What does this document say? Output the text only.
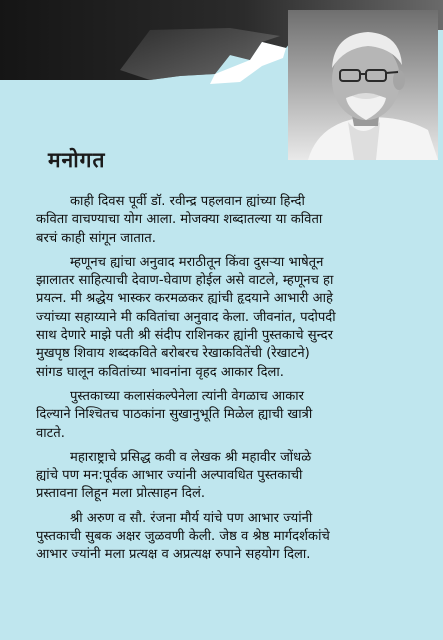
मनोगत

काही दिवस पूर्वी डॉ. रवीन्द्र पहलवान ह्यांच्या हिन्दी
कविता वाचण्याचा योग आला. मोजक्या शब्दातल्या या कविता
बरचं काही सांगून जातात.

म्हणूनच ह्यांचा अनुवाद मराठीतून किंवा दुसऱ्या भाषेतून
झालातर साहित्याची देवाण-घेवाण होईल असे वाटले, म्हणूनच हा
प्रयत्न. मी श्रद्धेय भास्कर करमळकर ह्यांची हृदयाने आभारी आहे
ज्यांच्या सहाय्याने मी कवितांचा अनुवाद केला. जीवनांत, पदोपदी
साथ देणारे माझे पती श्री संदीप राशिनकर ह्यांनी पुस्तकाचे सुन्दर
मुखपृष्ठ शिवाय शब्दकविते बरोबरच रेखाकवितेंची (रेखाटने)
सांगड घालून कवितांच्या भावनांना वृहद आकार दिला.

पुस्तकाच्या कलासंकल्पेनेला त्यांनी वेगळाच आकार
दिल्याने निश्चितच पाठकांना सुखानुभूति मिळेल ह्याची खात्री
वाटते.

महाराष्ट्राचे प्रसिद्ध कवी व लेखक श्री महावीर जोंधळे
ह्यांचे पण मन:पूर्वक आभार ज्यांनी अल्पावधित पुस्तकाची
प्रस्तावना लिहून मला प्रोत्साहन दिलं.

श्री अरुण व सौ. रंजना मौर्य यांचे पण आभार ज्यांनी
पुस्तकाची सुबक अक्षर जुळवणी केली. जेष्ठ व श्रेष्ठ मार्गदर्शकांचे
आभार ज्यांनी मला प्रत्यक्ष व अप्रत्यक्ष रुपाने सहयोग दिला.
